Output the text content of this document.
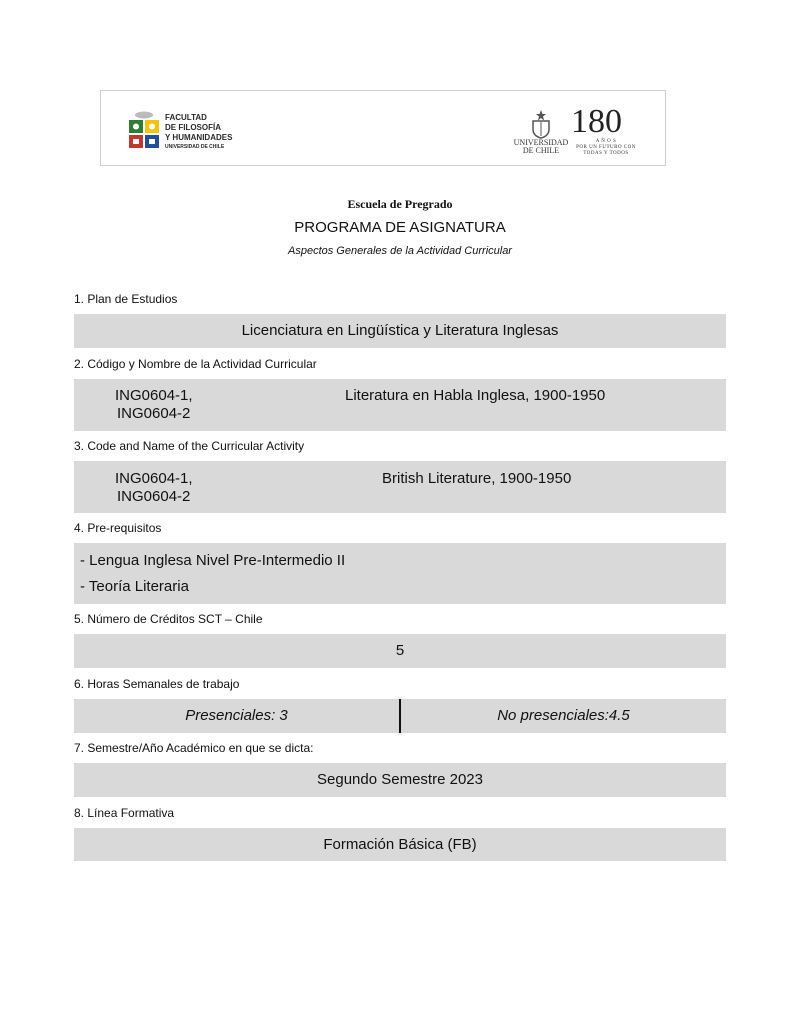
FACULTAD
DE FILOSOFÍA
Y HUMANIDADES
UNIVERSIDAD DE CHILE	UNIVERSIDAD
DE CHILE
180
A Ñ O S
POR UN FUTURO CON
TODAS Y TODOS
Escuela de Pregrado
PROGRAMA DE ASIGNATURA
Aspectos Generales de la Actividad Curricular
1. Plan de Estudios
Licenciatura en Lingüística y Literatura Inglesas
2. Código y Nombre de la Actividad Curricular
ING0604-1,
ING0604-2
Literatura en Habla Inglesa, 1900-1950
3. Code and Name of the Curricular Activity
ING0604-1,
ING0604-2
British Literature, 1900-1950
4. Pre-requisitos
- Lengua Inglesa Nivel Pre-Intermedio II
- Teoría Literaria
5. Número de Créditos SCT – Chile
5
6. Horas Semanales de trabajo
Presenciales: 3	No presenciales:4.5
7. Semestre/Año Académico en que se dicta:
Segundo Semestre 2023
8. Línea Formativa
Formación Básica (FB)
